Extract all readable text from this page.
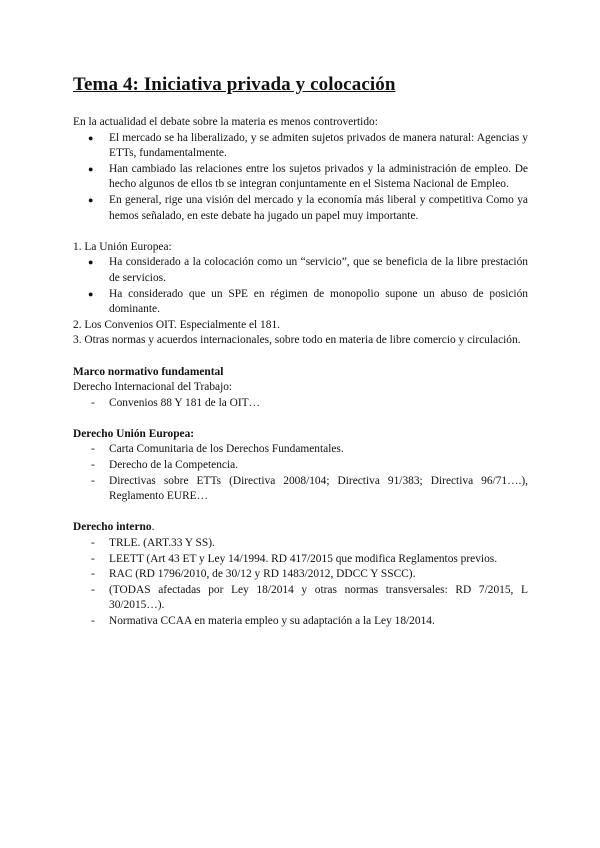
Tema 4: Iniciativa privada y colocación

En la actualidad el debate sobre la materia es menos controvertido:

● El mercado se ha liberalizado, y se admiten sujetos privados de manera natural: Agencias y ETTs, fundamentalmente.
● Han cambiado las relaciones entre los sujetos privados y la administración de empleo. De hecho algunos de ellos tb se integran conjuntamente en el Sistema Nacional de Empleo.
● En general, rige una visión del mercado y la economía más liberal y competitiva Como ya hemos señalado, en este debate ha jugado un papel muy importante.

1. La Unión Europea:

● Ha considerado a la colocación como un “servicio”, que se beneficia de la libre prestación de servicios.
● Ha considerado que un SPE en régimen de monopolio supone un abuso de posición dominante.

2. Los Convenios OIT. Especialmente el 181.

3. Otras normas y acuerdos internacionales, sobre todo en materia de libre comercio y circulación.

Marco normativo fundamental

Derecho Internacional del Trabajo:

- Convenios 88 Y 181 de la OIT…

Derecho Unión Europea:

- Carta Comunitaria de los Derechos Fundamentales.
- Derecho de la Competencia.
- Directivas sobre ETTs (Directiva 2008/104; Directiva 91/383; Directiva 96/71….), Reglamento EURE…

Derecho interno.

- TRLE. (ART.33 Y SS).
- LEETT (Art 43 ET y Ley 14/1994. RD 417/2015 que modifica Reglamentos previos.
- RAC (RD 1796/2010, de 30/12 y RD 1483/2012, DDCC Y SSCC).
- (TODAS afectadas por Ley 18/2014 y otras normas transversales: RD 7/2015, L 30/2015…).
- Normativa CCAA en materia empleo y su adaptación a la Ley 18/2014.
